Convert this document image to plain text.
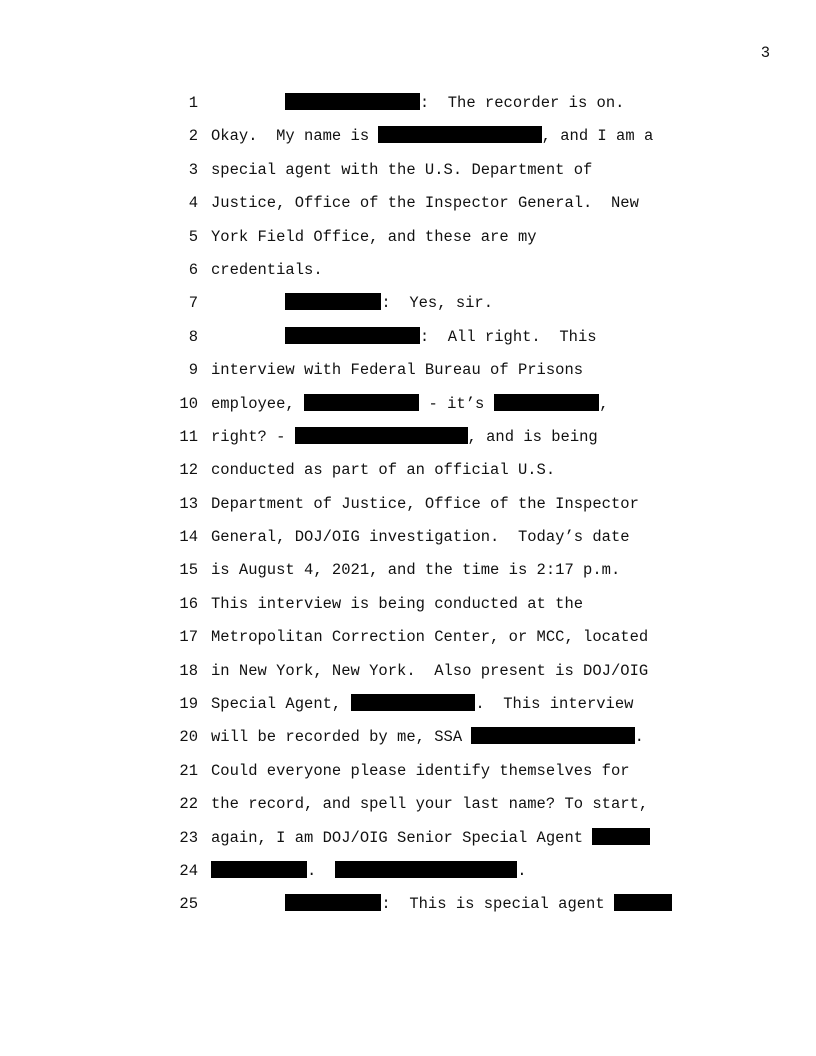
3
1	:  The recorder is on.
2 Okay.  My name is	, and I am a
3 special agent with the U.S. Department of
4 Justice, Office of the Inspector General.  New
5 York Field Office, and these are my
6 credentials.
7	:  Yes, sir.
8	:  All right.  This
9 interview with Federal Bureau of Prisons
10 employee,	- it’s	,
11 right? -	, and is being
12 conducted as part of an official U.S.
13 Department of Justice, Office of the Inspector
14 General, DOJ/OIG investigation.  Today’s date
15 is August 4, 2021, and the time is 2:17 p.m.
16 This interview is being conducted at the
17 Metropolitan Correction Center, or MCC, located
18 in New York, New York.  Also present is DOJ/OIG
19 Special Agent,	.  This interview
20 will be recorded by me, SSA	.
21 Could everyone please identify themselves for
22 the record, and spell your last name? To start,
23 again, I am DOJ/OIG Senior Special Agent
24	.	.
25	:  This is special agent
